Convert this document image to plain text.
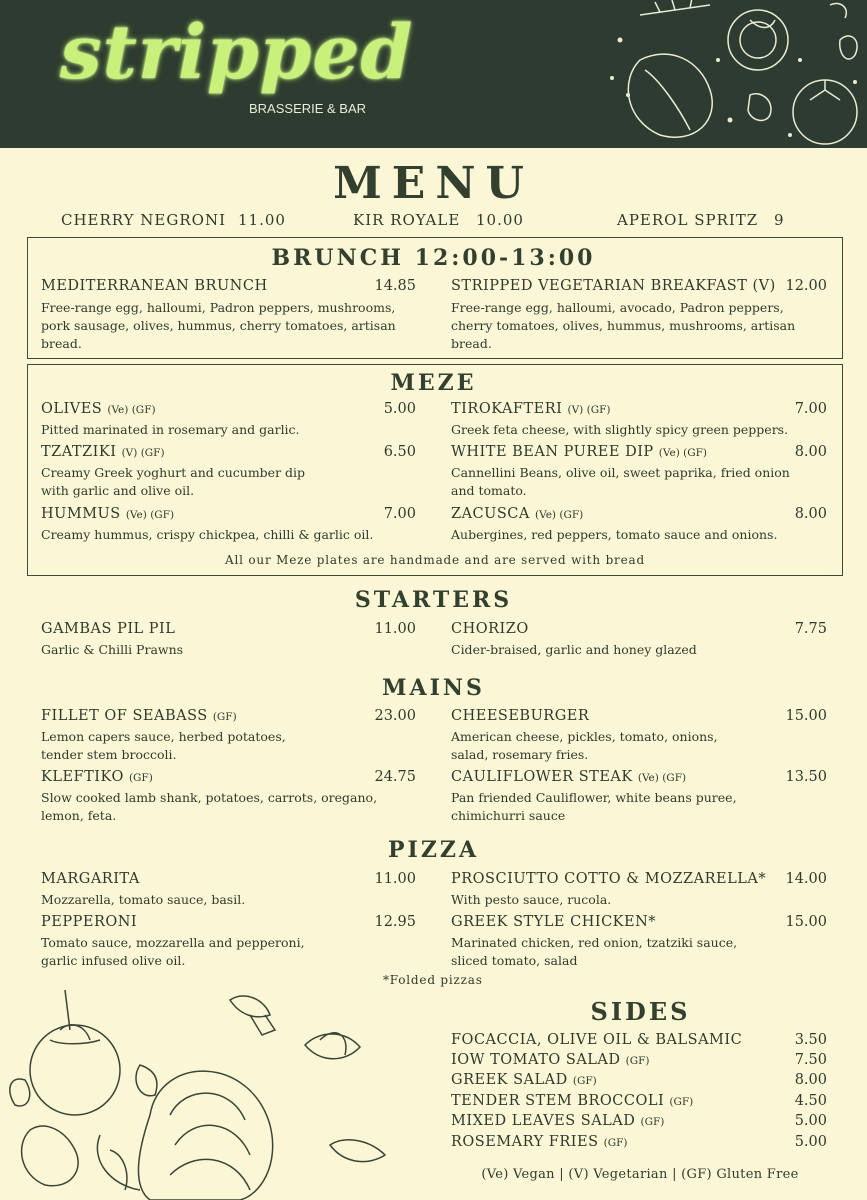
stripped
BRASSERIE & BAR
MENU
CHERRY NEGRONI 11.00	KIR ROYALE 10.00	APEROL SPRITZ 9
BRUNCH 12:00-13:00
MEDITERRANEAN BRUNCH	14.85
Free-range egg, halloumi, Padron peppers, mushrooms, pork sausage, olives, hummus, cherry tomatoes, artisan bread.
STRIPPED VEGETARIAN BREAKFAST (V) 12.00
Free-range egg, halloumi, avocado, Padron peppers, cherry tomatoes, olives, hummus, mushrooms, artisan bread.
MEZE
OLIVES (Ve) (GF)	5.00
Pitted marinated in rosemary and garlic.
TIROKAFTERI (V) (GF)	7.00
Greek feta cheese, with slightly spicy green peppers.
TZATZIKI (V) (GF)	6.50
Creamy Greek yoghurt and cucumber dip with garlic and olive oil.
WHITE BEAN PUREE DIP (Ve) (GF)	8.00
Cannellini Beans, olive oil, sweet paprika, fried onion and tomato.
HUMMUS (Ve) (GF)	7.00
Creamy hummus, crispy chickpea, chilli & garlic oil.
ZACUSCA (Ve) (GF)	8.00
Aubergines, red peppers, tomato sauce and onions.
All our Meze plates are handmade and are served with bread
STARTERS
GAMBAS PIL PIL	11.00
Garlic & Chilli Prawns
CHORIZO	7.75
Cider-braised, garlic and honey glazed
MAINS
FILLET OF SEABASS (GF)	23.00
Lemon capers sauce, herbed potatoes, tender stem broccoli.
CHEESEBURGER	15.00
American cheese, pickles, tomato, onions, salad, rosemary fries.
KLEFTIKO (GF)	24.75
Slow cooked lamb shank, potatoes, carrots, oregano, lemon, feta.
CAULIFLOWER STEAK (Ve) (GF)	13.50
Pan friended Cauliflower, white beans puree, chimichurri sauce
PIZZA
MARGARITA	11.00
Mozzarella, tomato sauce, basil.
PROSCIUTTO COTTO & MOZZARELLA*	14.00
With pesto sauce, rucola.
PEPPERONI	12.95
Tomato sauce, mozzarella and pepperoni, garlic infused olive oil.
GREEK STYLE CHICKEN*	15.00
Marinated chicken, red onion, tzatziki sauce, sliced tomato, salad
*Folded pizzas
SIDES
FOCACCIA, OLIVE OIL & BALSAMIC	3.50
IOW TOMATO SALAD (GF)	7.50
GREEK SALAD (GF)	8.00
TENDER STEM BROCCOLI (GF)	4.50
MIXED LEAVES SALAD (GF)	5.00
ROSEMARY FRIES (GF)	5.00
(Ve) Vegan | (V) Vegetarian | (GF) Gluten Free
